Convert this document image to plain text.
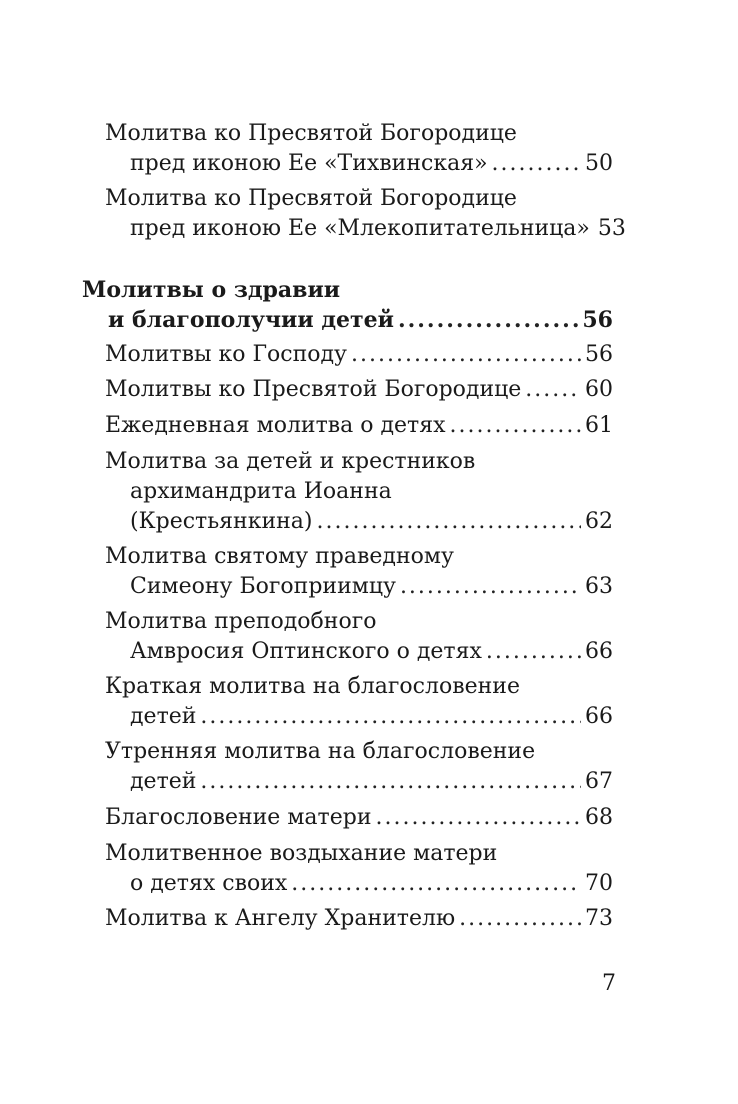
Молитва ко Пресвятой Богородице
пред иконою Ее «Тихвинская» .....	50
Молитва ко Пресвятой Богородице
пред иконою Ее «Млекопитательница» 53
Молитвы о здравии
и благополучии детей .....	56
Молитвы ко Господу .....	56
Молитвы ко Пресвятой Богородице .....	60
Ежедневная молитва о детях .....	61
Молитва за детей и крестников
архимандрита Иоанна
(Крестьянкина) .....	62
Молитва святому праведному
Симеону Богоприимцу .....	63
Молитва преподобного
Амвросия Оптинского о детях .....	66
Краткая молитва на благословение
детей .....	66
Утренняя молитва на благословение
детей .....	67
Благословение матери .....	68
Молитвенное воздыхание матери
о детях своих .....	70
Молитва к Ангелу Хранителю .....	73
7
